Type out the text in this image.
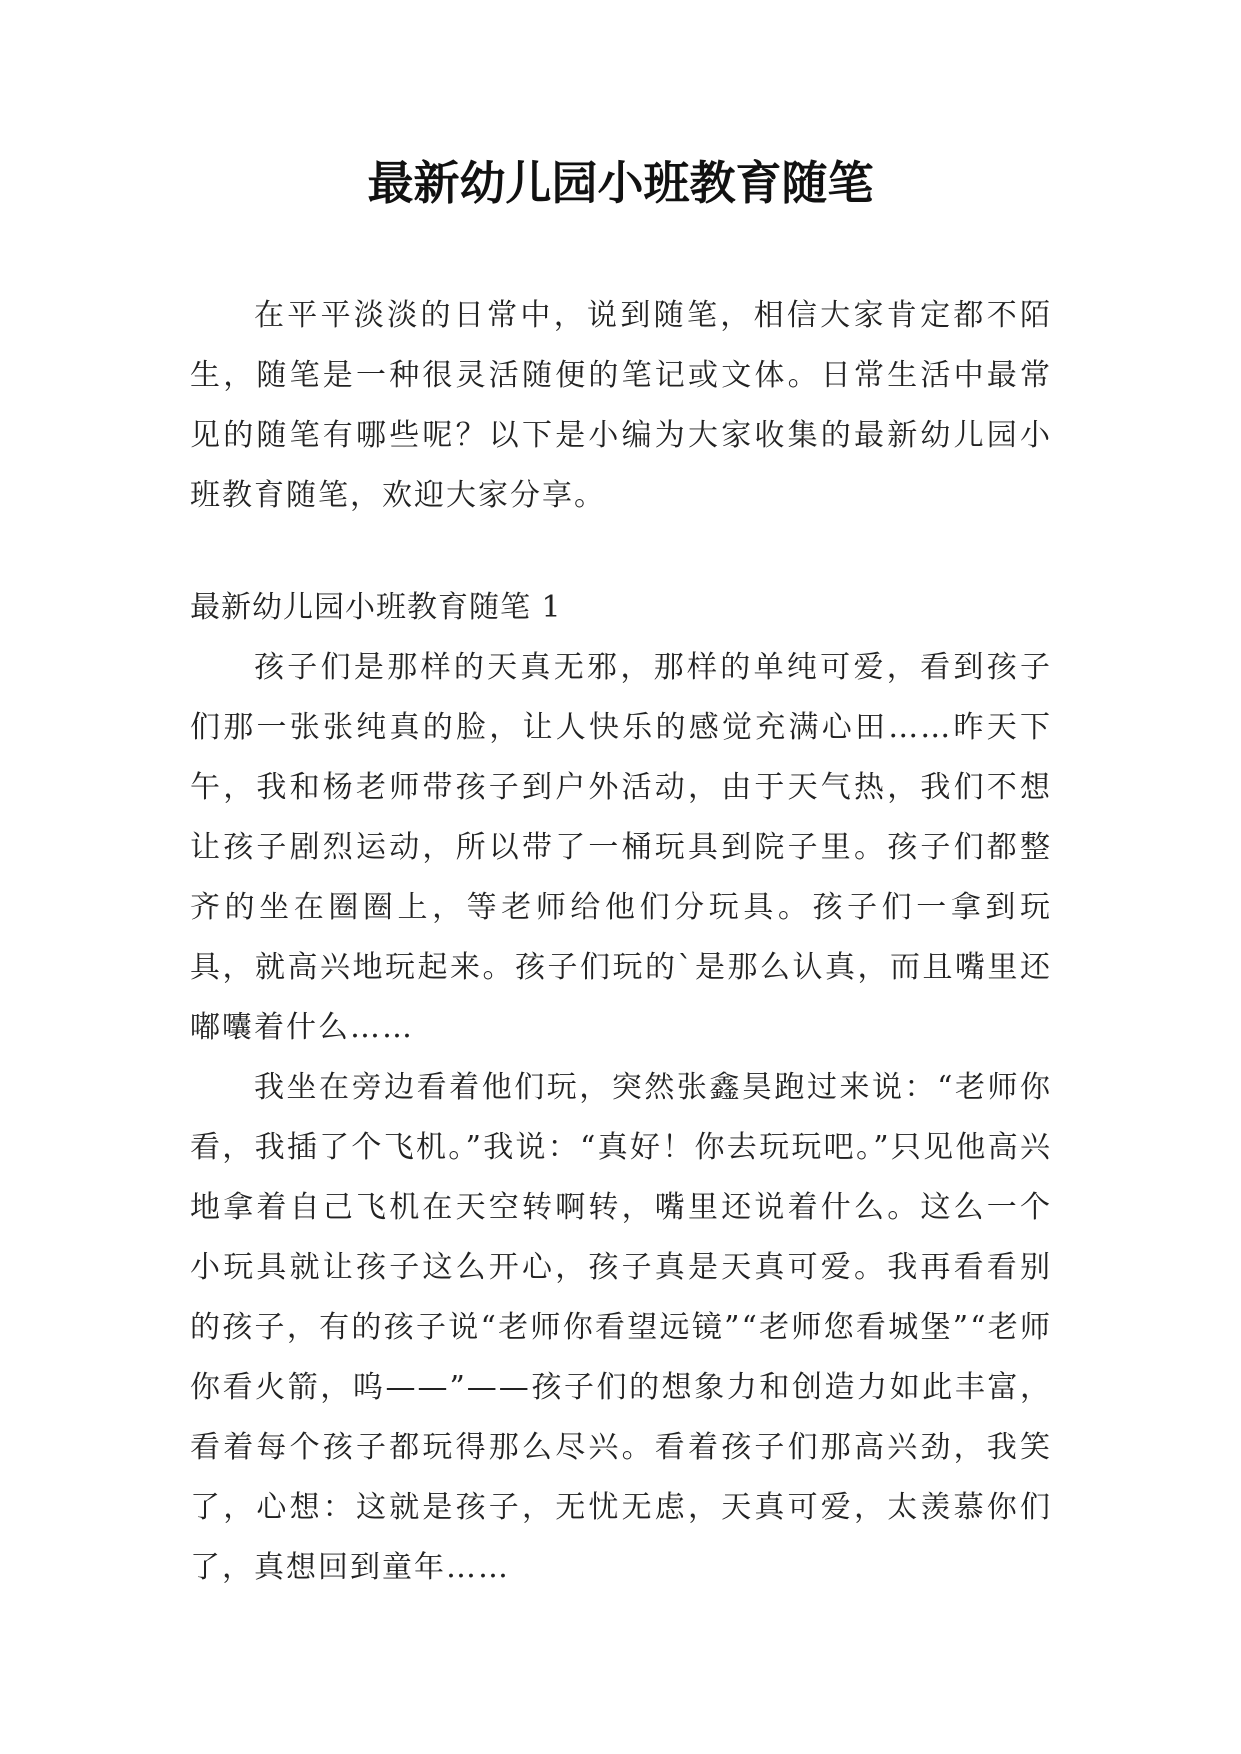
最新幼儿园小班教育随笔

在平平淡淡的日常中，说到随笔，相信大家肯定都不陌生，随笔是一种很灵活随便的笔记或文体。日常生活中最常见的随笔有哪些呢？以下是小编为大家收集的最新幼儿园小班教育随笔，欢迎大家分享。

最新幼儿园小班教育随笔 1

孩子们是那样的天真无邪，那样的单纯可爱，看到孩子们那一张张纯真的脸，让人快乐的感觉充满心田……昨天下午，我和杨老师带孩子到户外活动，由于天气热，我们不想让孩子剧烈运动，所以带了一桶玩具到院子里。孩子们都整齐的坐在圈圈上，等老师给他们分玩具。孩子们一拿到玩具，就高兴地玩起来。孩子们玩的`是那么认真，而且嘴里还嘟囔着什么……

我坐在旁边看着他们玩，突然张鑫昊跑过来说：“老师你看，我插了个飞机。”我说：“真好！你去玩玩吧。”只见他高兴地拿着自己飞机在天空转啊转，嘴里还说着什么。这么一个小玩具就让孩子这么开心，孩子真是天真可爱。我再看看别的孩子，有的孩子说“老师你看望远镜”“老师您看城堡”“老师你看火箭，呜——”——孩子们的想象力和创造力如此丰富，看着每个孩子都玩得那么尽兴。看着孩子们那高兴劲，我笑了，心想：这就是孩子，无忧无虑，天真可爱，太羡慕你们了，真想回到童年……
